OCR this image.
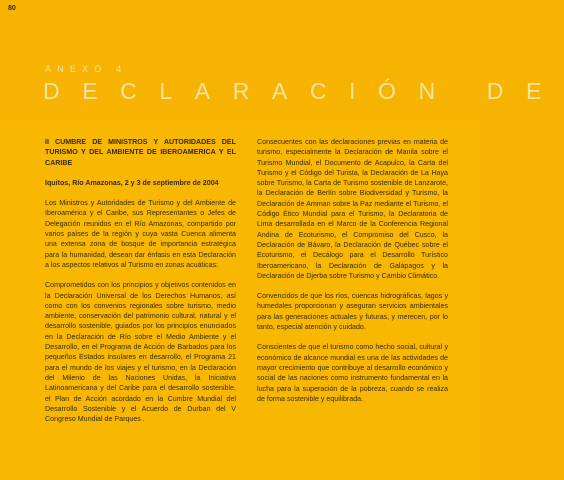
80
ANEXO 4
DECLARACIÓN DE

II CUMBRE DE MINISTROS Y AUTORIDADES DEL TURISMO Y DEL AMBIENTE DE IBEROAMERICA Y EL CARIBE

Iquitos, Río Amazonas, 2 y 3 de septiembre de 2004

Los Ministros y Autoridades de Turismo y del Ambiente de Iberoamérica y el Caribe, sus Representantes o Jefes de Delegación reunidos en el Río Amazonas, compartido por varios países de la región y cuya vasta Cuenca alimenta una extensa zona de bosque de importancia estratégica para la humanidad, desean dar énfasis en esta Declaración a los aspectos relativos al Turismo en zonas acuáticas:

Comprometidos con los principios y objetivos contenidos en la Declaración Universal de los Derechos Humanos, así como con los convenios regionales sobre turismo, medio ambiente, conservación del patrimonio cultural, natural y el desarrollo sostenible, guiados por los principios enunciados en la Declaración de Río sobre el Medio Ambiente y el Desarrollo, en el Programa de Acción de Barbados para los pequeños Estados insulares en desarrollo, el Programa 21 para el mundo de los viajes y el turismo, en la Declaración del Milenio de las Naciones Unidas, la Iniciativa Latinoamericana y del Caribe para el desarrollo sostenible, el Plan de Acción acordado en la Cumbre Mundial del Desarrollo Sostenible y el Acuerdo de Durban del V Congreso Mundial de Parques .

Consecuentes con las declaraciones previas en materia de turismo, especialmente la Declaración de Manila sobre el Turismo Mundial, el Documento de Acapulco, la Carta del Turismo y el Código del Turista, la Declaración de La Haya sobre Turismo, la Carta de Turismo sostenible de Lanzarote, la Declaración de Berlín sobre Biodiversidad y Turismo, la Declaración de Amman sobre la Paz mediante el Turismo, el Código Ético Mundial para el Turismo, la Declaratoria de Lima desarrollada en el Marco de la Conferencia Regional Andina de Ecoturismo, el Compromiso del Cusco, la Declaración de Bávaro, la Declaración de Québec sobre el Ecoturismo, el Decálogo para el Desarrollo Turístico Iberoamericano, la Declaración de Galápagos y la Declaración de Djerba sobre Turismo y Cambio Climático.

Convencidos de que los ríos, cuencas hidrográficas, lagos y humedales proporcionan y aseguran servicios ambientales para las generaciones actuales y futuras, y merecen, por lo tanto, especial atención y cuidado.

Conscientes de que el turismo como hecho social, cultural y económico de alcance mundial es una de las actividades de mayor crecimiento que contribuye al desarrollo económico y social de las naciones como instrumento fundamental en la lucha para la superación de la pobreza, cuando se realiza de forma sostenible y equilibrada.
